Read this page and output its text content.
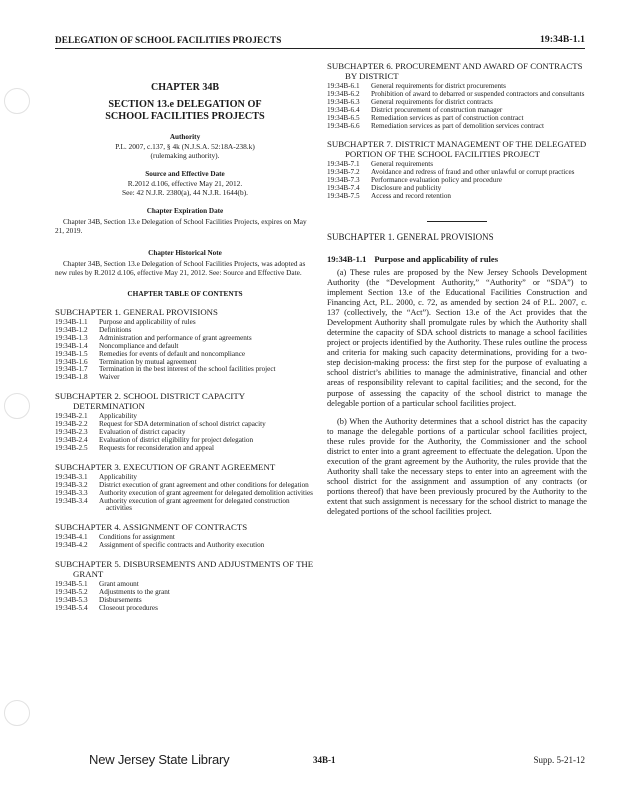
DELEGATION OF SCHOOL FACILITIES PROJECTS	19:34B-1.1
CHAPTER 34B
SECTION 13.e DELEGATION OF
SCHOOL FACILITIES PROJECTS
Authority
P.L. 2007, c.137, § 4k (N.J.S.A. 52:18A-238.k)
(rulemaking authority).
Source and Effective Date
R.2012 d.106, effective May 21, 2012.
See: 42 N.J.R. 2380(a), 44 N.J.R. 1644(b).
Chapter Expiration Date

Chapter 34B, Section 13.e Delegation of School Facilities Projects, expires on May 21, 2019.

Chapter Historical Note

Chapter 34B, Section 13.e Delegation of School Facilities Projects, was adopted as new rules by R.2012 d.106, effective May 21, 2012. See: Source and Effective Date.

CHAPTER TABLE OF CONTENTS
SUBCHAPTER 1. GENERAL PROVISIONS
19:34B-1.1	Purpose and applicability of rules
19:34B-1.2	Definitions
19:34B-1.3	Administration and performance of grant agreements
19:34B-1.4	Noncompliance and default
19:34B-1.5	Remedies for events of default and noncompliance
19:34B-1.6	Termination by mutual agreement
19:34B-1.7	Termination in the best interest of the school facilities project
19:34B-1.8	Waiver
SUBCHAPTER 2. SCHOOL DISTRICT CAPACITY DETERMINATION
19:34B-2.1	Applicability
19:34B-2.2	Request for SDA determination of school district capacity
19:34B-2.3	Evaluation of district capacity
19:34B-2.4	Evaluation of district eligibility for project delegation
19:34B-2.5	Requests for reconsideration and appeal
SUBCHAPTER 3. EXECUTION OF GRANT AGREEMENT
19:34B-3.1	Applicability
19:34B-3.2	District execution of grant agreement and other conditions for delegation
19:34B-3.3	Authority execution of grant agreement for delegated demolition activities
19:34B-3.4	Authority execution of grant agreement for delegated construction activities
SUBCHAPTER 4. ASSIGNMENT OF CONTRACTS
19:34B-4.1	Conditions for assignment
19:34B-4.2	Assignment of specific contracts and Authority execution
SUBCHAPTER 5. DISBURSEMENTS AND ADJUSTMENTS OF THE GRANT
19:34B-5.1	Grant amount
19:34B-5.2	Adjustments to the grant
19:34B-5.3	Disbursements
19:34B-5.4	Closeout procedures
SUBCHAPTER 6. PROCUREMENT AND AWARD OF CONTRACTS BY DISTRICT
19:34B-6.1	General requirements for district procurements
19:34B-6.2	Prohibition of award to debarred or suspended contractors and consultants
19:34B-6.3	General requirements for district contracts
19:34B-6.4	District procurement of construction manager
19:34B-6.5	Remediation services as part of construction contract
19:34B-6.6	Remediation services as part of demolition services contract
SUBCHAPTER 7. DISTRICT MANAGEMENT OF THE DELEGATED PORTION OF THE SCHOOL FACILITIES PROJECT
19:34B-7.1	General requirements
19:34B-7.2	Avoidance and redress of fraud and other unlawful or corrupt practices
19:34B-7.3	Performance evaluation policy and procedure
19:34B-7.4	Disclosure and publicity
19:34B-7.5	Access and record retention
SUBCHAPTER 1. GENERAL PROVISIONS
19:34B-1.1 Purpose and applicability of rules

(a) These rules are proposed by the New Jersey Schools Development Authority (the “Development Authority,” “Authority” or “SDA”) to implement Section 13.e of the Educational Facilities Construction and Financing Act, P.L. 2000, c. 72, as amended by section 24 of P.L. 2007, c. 137 (collectively, the “Act”). Section 13.e of the Act provides that the Development Authority shall promulgate rules by which the Authority shall determine the capacity of SDA school districts to manage a school facilities project or projects identified by the Authority. These rules outline the process and criteria for making such capacity determinations, providing for a two-step decision-making process: the first step for the purpose of evaluating a school district’s abilities to manage the administrative, financial and other areas of responsibility relevant to capital facilities; and the second, for the purpose of assessing the capacity of the school district to manage the delegable portion of a particular school facilities project.

(b) When the Authority determines that a school district has the capacity to manage the delegable portions of a particular school facilities project, these rules provide for the Authority, the Commissioner and the school district to enter into a grant agreement to effectuate the delegation. Upon the execution of the grant agreement by the Authority, the rules provide that the Authority shall take the necessary steps to enter into an agreement with the school district for the assignment and assumption of any contracts (or portions thereof) that have been previously procured by the Authority to the extent that such assignment is necessary for the school district to manage the delegated portions of the school facilities project.

New Jersey State Library	34B-1	Supp. 5-21-12
